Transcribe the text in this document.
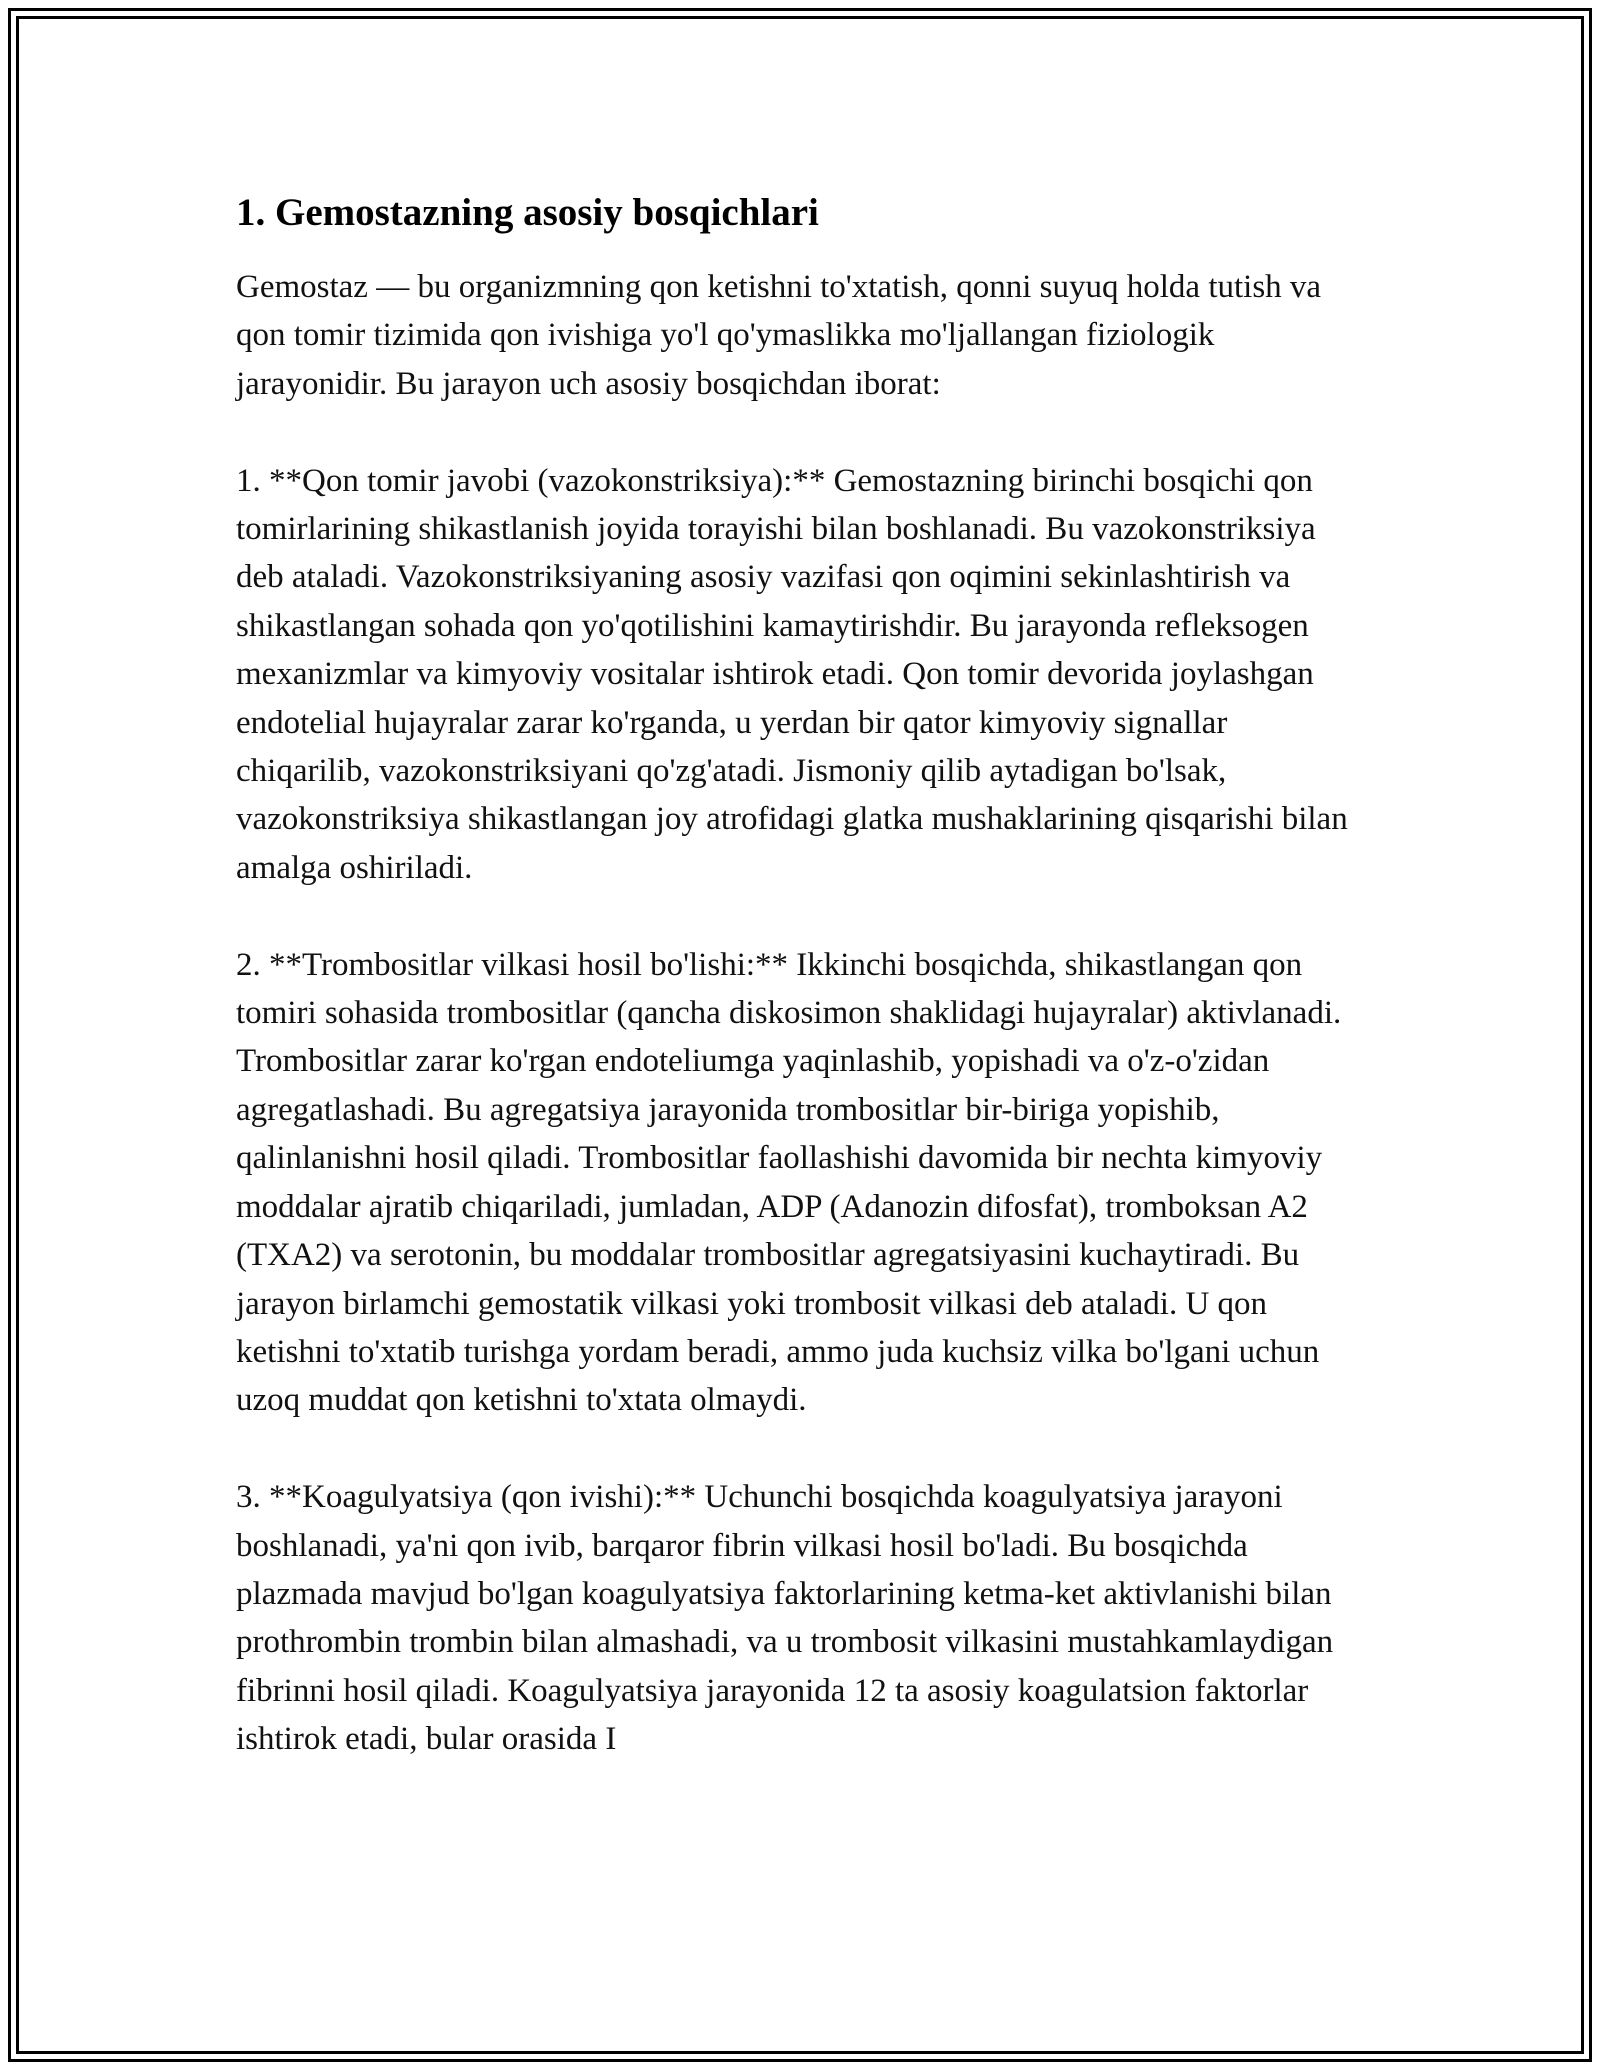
1. Gemostazning asosiy bosqichlari

Gemostaz — bu organizmning qon ketishni to'xtatish, qonni suyuq holda tutish va qon tomir tizimida qon ivishiga yo'l qo'ymaslikka mo'ljallangan fiziologik jarayonidir. Bu jarayon uch asosiy bosqichdan iborat:

1. **Qon tomir javobi (vazokonstriksiya):** Gemostazning birinchi bosqichi qon tomirlarining shikastlanish joyida torayishi bilan boshlanadi. Bu vazokonstriksiya deb ataladi. Vazokonstriksiyaning asosiy vazifasi qon oqimini sekinlashtirish va shikastlangan sohada qon yo'qotilishini kamaytirishdir. Bu jarayonda refleksogen mexanizmlar va kimyoviy vositalar ishtirok etadi. Qon tomir devorida joylashgan endotelial hujayralar zarar ko'rganda, u yerdan bir qator kimyoviy signallar chiqarilib, vazokonstriksiyani qo'zg'atadi. Jismoniy qilib aytadigan bo'lsak, vazokonstriksiya shikastlangan joy atrofidagi glatka mushaklarining qisqarishi bilan amalga oshiriladi.

2. **Trombositlar vilkasi hosil bo'lishi:** Ikkinchi bosqichda, shikastlangan qon tomiri sohasida trombositlar (qancha diskosimon shaklidagi hujayralar) aktivlanadi. Trombositlar zarar ko'rgan endoteliumga yaqinlashib, yopishadi va o'z-o'zidan agregatlashadi. Bu agregatsiya jarayonida trombositlar bir-biriga yopishib, qalinlanishni hosil qiladi. Trombositlar faollashishi davomida bir nechta kimyoviy moddalar ajratib chiqariladi, jumladan, ADP (Adanozin difosfat), tromboksan A2 (TXA2) va serotonin, bu moddalar trombositlar agregatsiyasini kuchaytiradi. Bu jarayon birlamchi gemostatik vilkasi yoki trombosit vilkasi deb ataladi. U qon ketishni to'xtatib turishga yordam beradi, ammo juda kuchsiz vilka bo'lgani uchun uzoq muddat qon ketishni to'xtata olmaydi.

3. **Koagulyatsiya (qon ivishi):** Uchunchi bosqichda koagulyatsiya jarayoni boshlanadi, ya'ni qon ivib, barqaror fibrin vilkasi hosil bo'ladi. Bu bosqichda plazmada mavjud bo'lgan koagulyatsiya faktorlarining ketma-ket aktivlanishi bilan prothrombin trombin bilan almashadi, va u trombosit vilkasini mustahkamlaydigan fibrinni hosil qiladi. Koagulyatsiya jarayonida 12 ta asosiy koagulatsion faktorlar ishtirok etadi, bular orasida I
